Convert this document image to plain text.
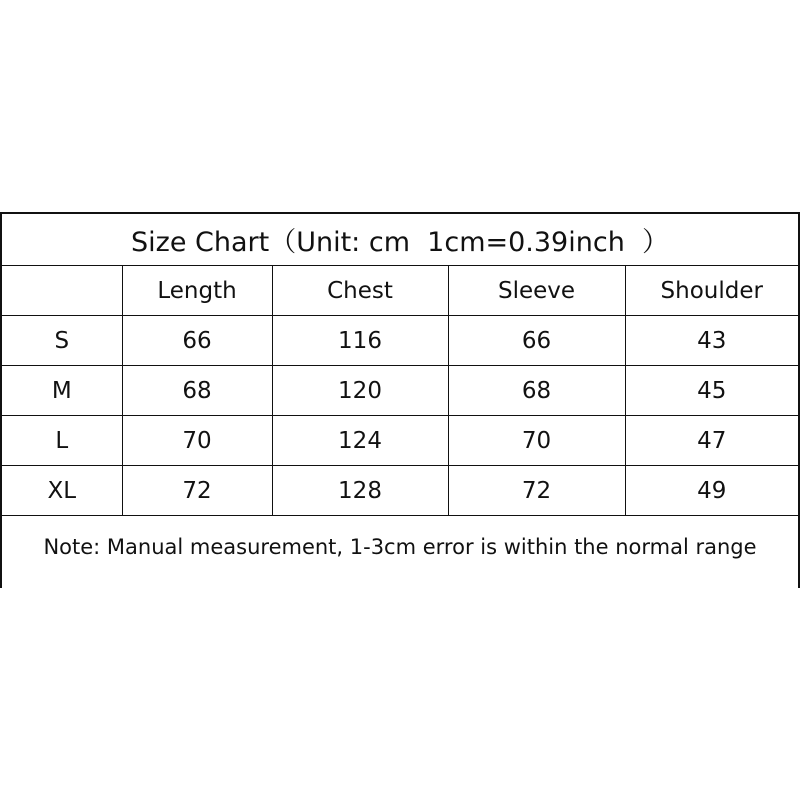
Size Chart（Unit: cm  1cm=0.39inch  ）
	Length	Chest	Sleeve	Shoulder
S	66	116	66	43
M	68	120	68	45
L	70	124	70	47
XL	72	128	72	49
Note: Manual measurement, 1-3cm error is within the normal range				
